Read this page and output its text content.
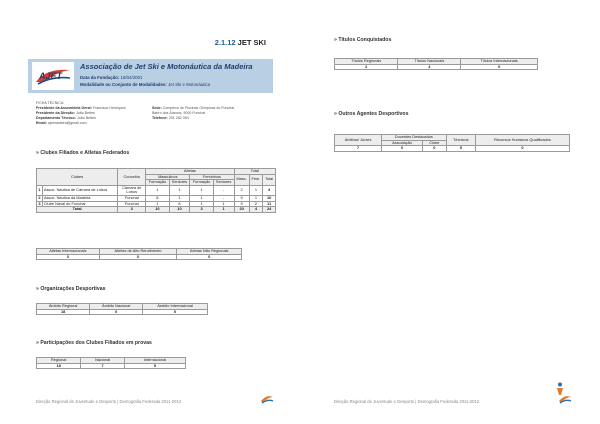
2.1.12 JET SKI
AJET
Associação de Jet Ski e Motonáutica da Madeira
Data da Fundação: 18/04/2001
Modalidade ou Conjunto de Modalidades: Jet Ski e Motonáutica
FICHA TÉCNICA:
Presidente da Assembleia Geral: Francisco Henriques
Presidente da Direção: João Bettes
Departamento Técnico: João Bettes
Email: ajetmadeira@gmail.com
Sede: Complexo de Piscinas Olímpicas do Funchal,
Bairro dos Álamos, 9000 Funchal
Telefone: 291 282 054
» Clubes Filiados e Atletas Federados
Clubes		Concelho	Atletas				Total		
			Masculinos		Femininos		Masc.	Fem.	Total
			Formação	Seniores	Formação	Seniores			
1	Assoc. Náutica de Câmara de Lobos	Câmara de Lobos	1	1	1	-	2	1	3
2	Assoc. Náutica da Madeira	Funchal	8	1	1	-	9	1	10
3	Clube Naval do Funchal	Funchal	1	8	1	1	9	2	11
Total		3	10	10	3	1	20	4	24
Atletas Internacionais	Atletas de Alto Rendimento	Atletas Não Regionais
3	0	0
» Organizações Desportivas
Âmbito Regional	Âmbito Nacional	Âmbito Internacional
18	0	0
» Participações dos Clubes Filiados em provas
Regional	Nacional	Internacional
18	7	5
Direção Regional de Juventude e Desporto | Demografia Federada 2011-2012
» Títulos Conquistados
Títulos Regionais	Títulos Nacionais	Títulos Internacionais
2	4	0
» Outros Agentes Desportivos
Árbitros/ Juízes	Docentes Destacados		Técnicos	Recursos Humanos Qualificados
	Associação	Clube		
7	0	0	5	0
Direção Regional de Juventude e Desporto | Demografia Federada 2011-2012
